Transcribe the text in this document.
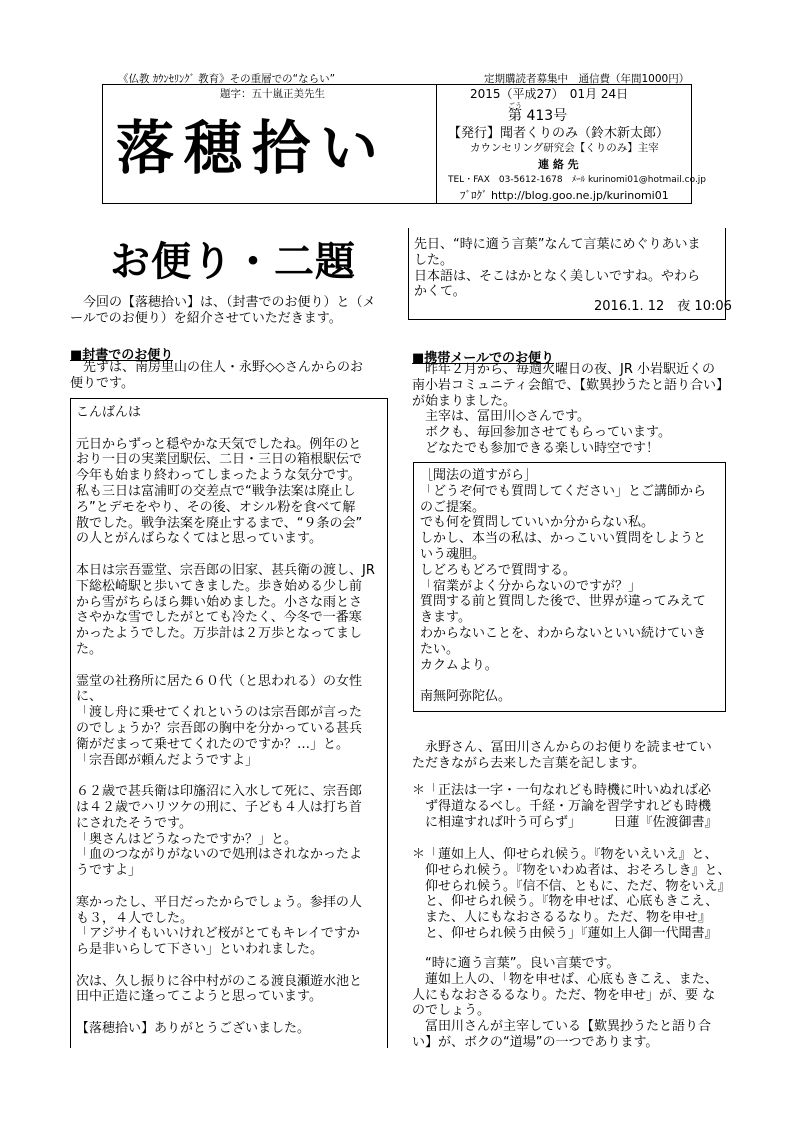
《仏教 ｶｳﾝｾﾘﾝｸﾞ 教育》その重層での“ならい”	定期購読者募集中　通信費（年間1000円）
題字：五十嵐正美先生
落穂拾い
2015（平成27）　01月 24日
ごう
第 413号
【発行】聞者くりのみ（鈴木新太郎）
カウンセリング研究会【くりのみ】主宰
連 絡 先
TEL・FAX　03-5612-1678　ﾒｰﾙ kurinomi01@hotmail.co.jp
ﾌﾞﾛｸﾞ http://blog.goo.ne.jp/kurinomi01
お便り・二題
　今回の【落穂拾い】は、（封書でのお便り）と（メ
ールでのお便り）を紹介させていただきます。
■封書でのお便り
　先ずは、南房里山の住人・永野◇◇さんからのお
便りです。
こんばんは
元日からずっと穏やかな天気でしたね。例年のと
おり一日の実業団駅伝、二日・三日の箱根駅伝で
今年も始まり終わってしまったような気分です。
私も三日は富浦町の交差点で“戦争法案は廃止し
ろ”とデモをやり、その後、オシル粉を食べて解
散でした。戦争法案を廃止するまで、“９条の会”
の人とがんばらなくてはと思っています。
本日は宗吾霊堂、宗吾郎の旧家、甚兵衛の渡し、JR
下総松崎駅と歩いてきました。歩き始める少し前
から雪がちらほら舞い始めました。小さな雨とさ
さやかな雪でしたがとても冷たく、今冬で一番寒
かったようでした。万歩計は２万歩となってまし
た。
霊堂の社務所に居た６０代（と思われる）の女性
に、
「渡し舟に乗せてくれというのは宗吾郎が言った
のでしょうか？宗吾郎の胸中を分かっている甚兵
衛がだまって乗せてくれたのですか？…」と。
「宗吾郎が頼んだようですよ」
６２歳で甚兵衛は印旛沼に入水して死に、宗吾郎
は４２歳でハリツケの刑に、子ども４人は打ち首
にされたそうです。
「奥さんはどうなったですか？」と。
「血のつながりがないので処刑はされなかったよ
うですよ」
寒かったし、平日だったからでしょう。参拝の人
も３，４人でした。
「アジサイもいいけれど桜がとてもキレイですか
ら是非いらして下さい」といわれました。
次は、久し振りに谷中村がのこる渡良瀬遊水池と
田中正造に逢ってこようと思っています。
【落穂拾い】ありがとうございました。
先日、“時に適う言葉”なんて言葉にめぐりあいま
した。
日本語は、そこはかとなく美しいですね。やわら
かくて。
2016.1. 12　夜 10:06
■携帯メールでのお便り
　昨年２月から、毎週火曜日の夜、JR 小岩駅近くの
南小岩コミュニティ会館で、【歎異抄うたと語り合い】
が始まりました。
　主宰は、冨田川◇さんです。
　ボクも、毎回参加させてもらっています。
　どなたでも参加できる楽しい時空です！
［聞法の道すがら］
「どうぞ何でも質問してください」とご講師から
のご提案。
でも何を質問していいか分からない私。
しかし、本当の私は、かっこいい質問をしようと
いう魂胆。
しどろもどろで質問する。
「宿業がよく分からないのですが？」
質問する前と質問した後で、世界が違ってみえて
きます。
わからないことを、わからないといい続けていき
たい。
カクムより。
南無阿弥陀仏。
　永野さん、冨田川さんからのお便りを読ませてい
ただきながら去来した言葉を記します。
＊「正法は一字・一句なれども時機に叶いぬれば必
　ず得道なるべし。千経・万論を習学すれども時機
　に相違すれば叶う可らず」　　　日蓮『佐渡御書』
＊「蓮如上人、仰せられ候う。『物をいえいえ』と、
　仰せられ候う。『物をいわぬ者は、おそろしき』と、
　仰せられ候う。『信不信、ともに、ただ、物をいえ』
　と、仰せられ候う。『物を申せば、心底もきこえ、
　また、人にもなおさるるなり。ただ、物を申せ』
　と、仰せられ候う由候う」『蓮如上人御一代聞書』
　“時に適う言葉”。良い言葉です。
　蓮如上人の、「物を申せば、心底もきこえ、また、
人にもなおさるるなり。ただ、物を申せ」が、要 な
のでしょう。
　冨田川さんが主宰している【歎異抄うたと語り合
い】が、ボクの“道場”の一つであります。
